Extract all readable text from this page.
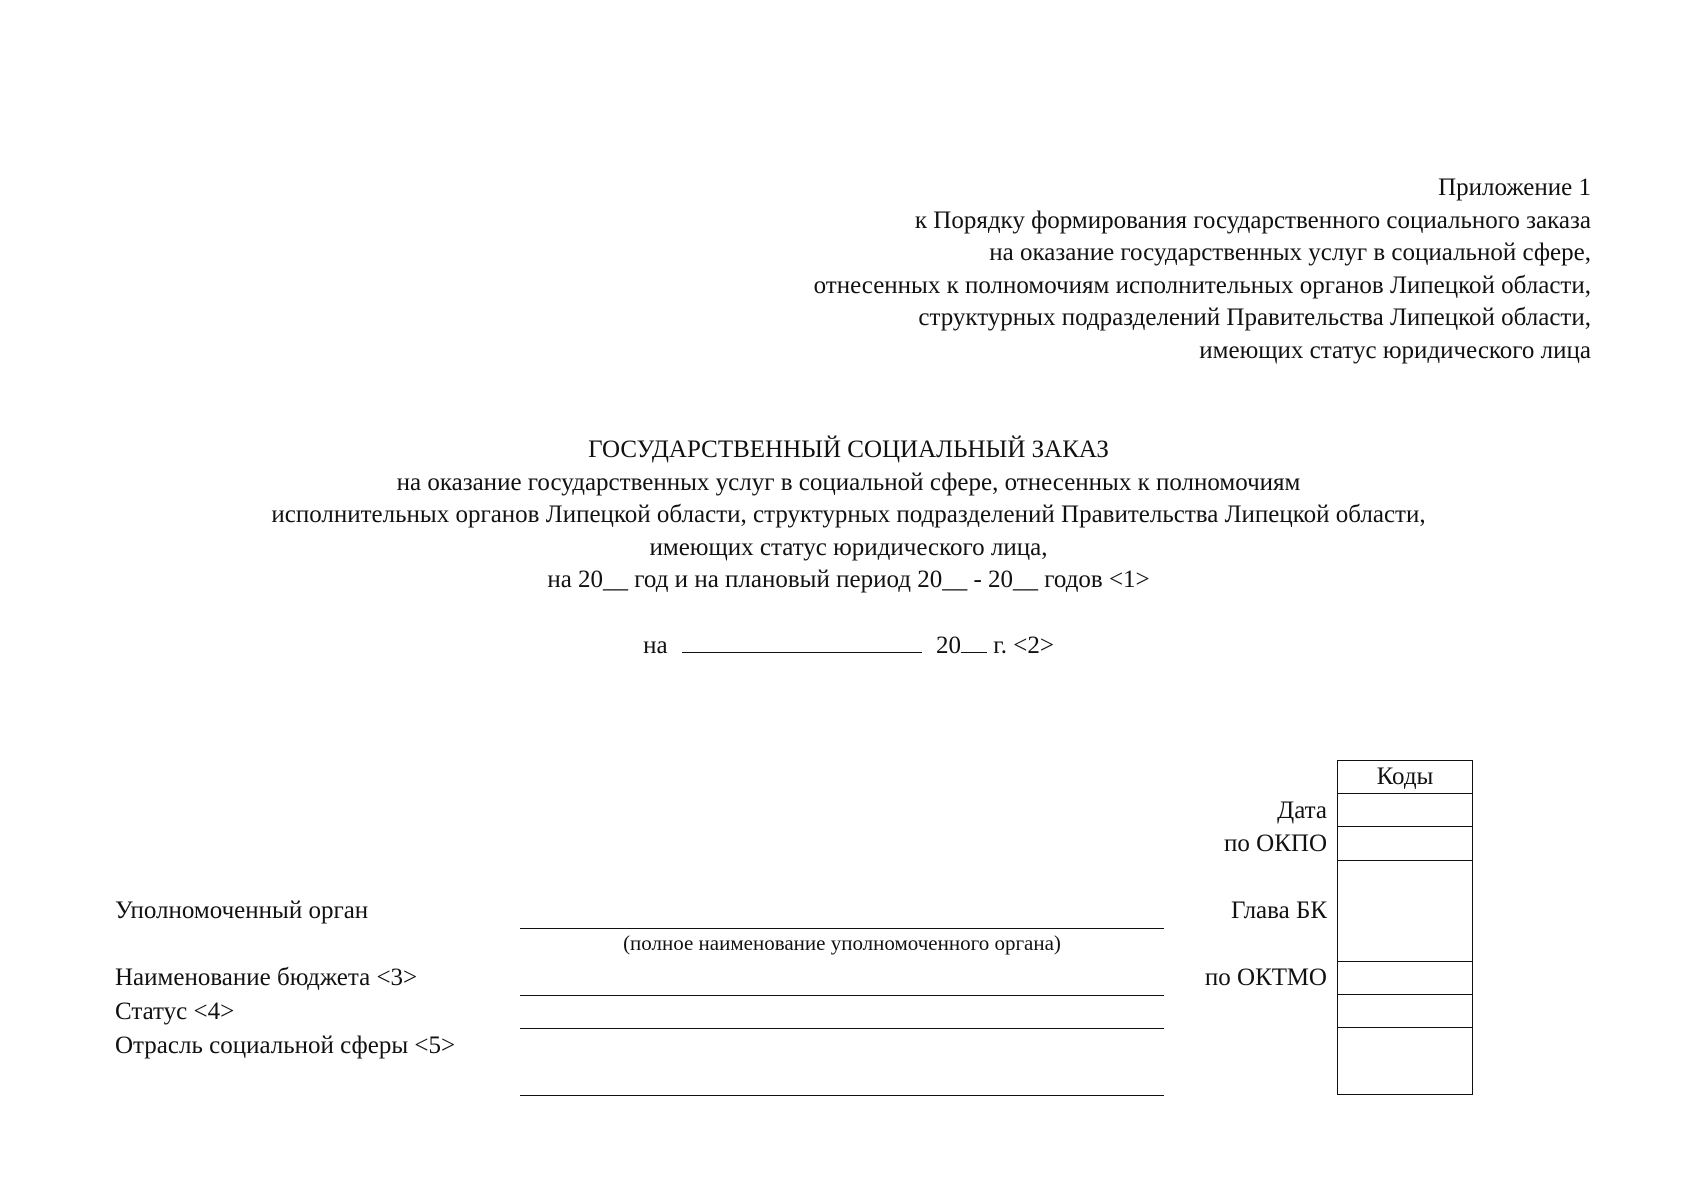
Приложение 1
к Порядку формирования государственного социального заказа
на оказание государственных услуг в социальной сфере,
отнесенных к полномочиям исполнительных органов Липецкой области,
структурных подразделений Правительства Липецкой области,
имеющих статус юридического лица
ГОСУДАРСТВЕННЫЙ СОЦИАЛЬНЫЙ ЗАКАЗ
на оказание государственных услуг в социальной сфере, отнесенных к полномочиям
исполнительных органов Липецкой области, структурных подразделений Правительства Липецкой области,
имеющих статус юридического лица,
на 20__ год и на плановый период 20__ - 20__ годов <1>
на	20 г. <2>
Коды
Дата
по ОКПО
Глава БК
по ОКТМО
Уполномоченный орган
Наименование бюджета <3>
Статус <4>
Отрасль социальной сферы <5>
(полное наименование уполномоченного органа)
